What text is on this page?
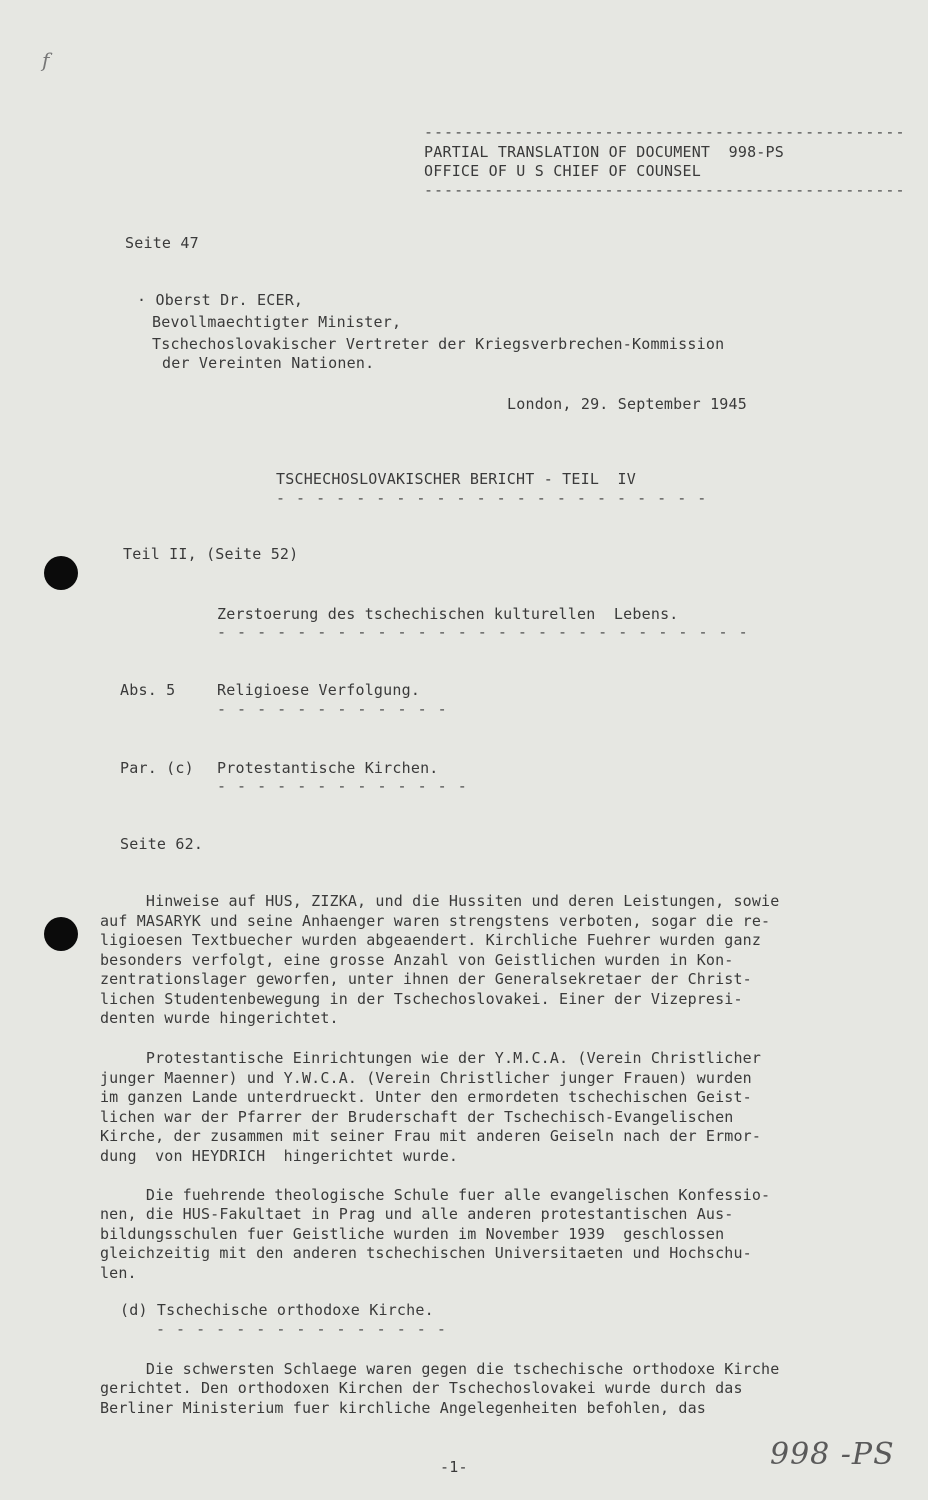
f
------------------------------------------------
PARTIAL TRANSLATION OF DOCUMENT  998-PS
OFFICE OF U S CHIEF OF COUNSEL
------------------------------------------------
Seite 47
· Oberst Dr. ECER,
Bevollmaechtigter Minister,
Tschechoslovakischer Vertreter der Kriegsverbrechen-Kommission
der Vereinten Nationen.
London, 29. September 1945
TSCHECHOSLOVAKISCHER BERICHT - TEIL  IV
- - - - - - - - - - - - - - - - - - - - - -
Teil II, (Seite 52)
Zerstoerung des tschechischen kulturellen  Lebens.
- - - - - - - - - - - - - - - - - - - - - - - - - - -
Abs. 5	Religioese Verfolgung.
- - - - - - - - - - - -
Par. (c) Protestantische Kirchen.
- - - - - - - - - - - - -
Seite 62.
Hinweise auf HUS, ZIZKA, und die Hussiten und deren Leistungen, sowie
auf MASARYK und seine Anhaenger waren strengstens verboten, sogar die re-
ligioesen Textbuecher wurden abgeaendert. Kirchliche Fuehrer wurden ganz
besonders verfolgt, eine grosse Anzahl von Geistlichen wurden in Kon-
zentrationslager geworfen, unter ihnen der Generalsekretaer der Christ-
lichen Studentenbewegung in der Tschechoslovakei. Einer der Vizepresi-
denten wurde hingerichtet.
Protestantische Einrichtungen wie der Y.M.C.A. (Verein Christlicher
junger Maenner) und Y.W.C.A. (Verein Christlicher junger Frauen) wurden
im ganzen Lande unterdrueckt. Unter den ermordeten tschechischen Geist-
lichen war der Pfarrer der Bruderschaft der Tschechisch-Evangelischen
Kirche, der zusammen mit seiner Frau mit anderen Geiseln nach der Ermor-
dung  von HEYDRICH  hingerichtet wurde.
Die fuehrende theologische Schule fuer alle evangelischen Konfessio-
nen, die HUS-Fakultaet in Prag und alle anderen protestantischen Aus-
bildungsschulen fuer Geistliche wurden im November 1939  geschlossen
gleichzeitig mit den anderen tschechischen Universitaeten und Hochschu-
len.
(d) Tschechische orthodoxe Kirche.
- - - - - - - - - - - - - - -
Die schwersten Schlaege waren gegen die tschechische orthodoxe Kirche
gerichtet. Den orthodoxen Kirchen der Tschechoslovakei wurde durch das
Berliner Ministerium fuer kirchliche Angelegenheiten befohlen, das
-1-	998 -PS
